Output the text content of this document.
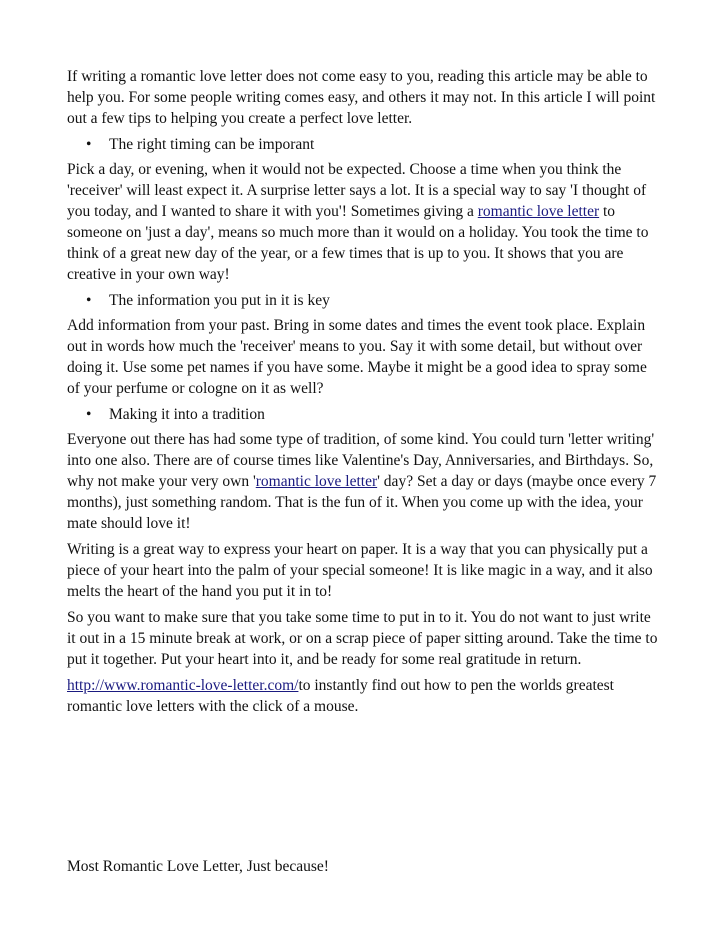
If writing a romantic love letter does not come easy to you, reading this article may be able to help you. For some people writing comes easy, and others it may not. In this article I will point out a few tips to helping you create a perfect love letter.

• The right timing can be imporant

Pick a day, or evening, when it would not be expected. Choose a time when you think the 'receiver' will least expect it. A surprise letter says a lot. It is a special way to say 'I thought of you today, and I wanted to share it with you'! Sometimes giving a romantic love letter to someone on 'just a day', means so much more than it would on a holiday. You took the time to think of a great new day of the year, or a few times that is up to you. It shows that you are creative in your own way!

• The information you put in it is key

Add information from your past. Bring in some dates and times the event took place. Explain out in words how much the 'receiver' means to you. Say it with some detail, but without over doing it. Use some pet names if you have some. Maybe it might be a good idea to spray some of your perfume or cologne on it as well?

• Making it into a tradition

Everyone out there has had some type of tradition, of some kind. You could turn 'letter writing' into one also. There are of course times like Valentine's Day, Anniversaries, and Birthdays. So, why not make your very own 'romantic love letter' day? Set a day or days (maybe once every 7 months), just something random. That is the fun of it. When you come up with the idea, your mate should love it!

Writing is a great way to express your heart on paper. It is a way that you can physically put a piece of your heart into the palm of your special someone! It is like magic in a way, and it also melts the heart of the hand you put it in to!

So you want to make sure that you take some time to put in to it. You do not want to just write it out in a 15 minute break at work, or on a scrap piece of paper sitting around. Take the time to put it together. Put your heart into it, and be ready for some real gratitude in return.

http://www.romantic-love-letter.com/to instantly find out how to pen the worlds greatest romantic love letters with the click of a mouse.

Most Romantic Love Letter, Just because!
